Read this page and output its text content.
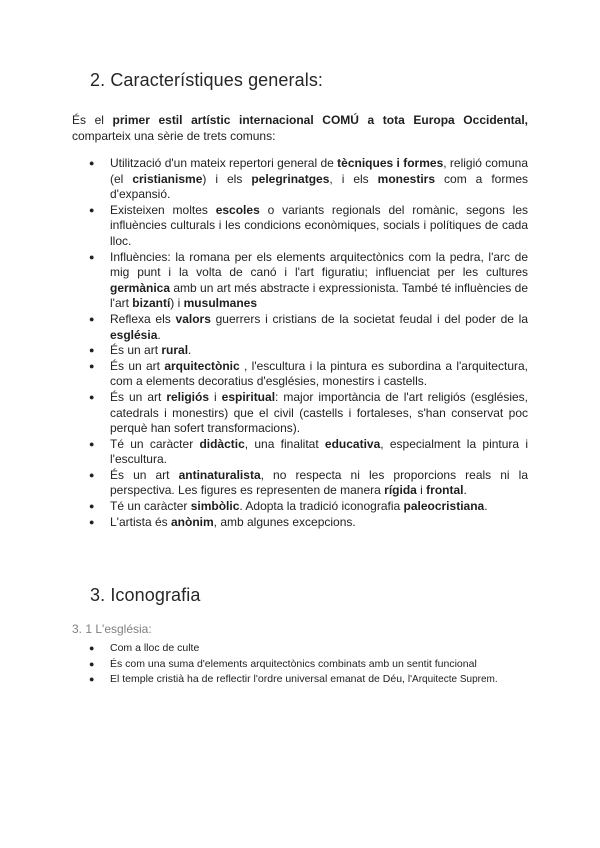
2. Característiques generals:

És el primer estil artístic internacional COMÚ a tota Europa Occidental, comparteix una sèrie de trets comuns:

● Utilització d'un mateix repertori general de tècniques i formes, religió comuna (el cristianisme) i els pelegrinatges, i els monestirs com a formes d'expansió.
● Existeixen moltes escoles o variants regionals del romànic, segons les influències culturals i les condicions econòmiques, socials i polítiques de cada lloc.
● Influències: la romana per els elements arquitectònics com la pedra, l'arc de mig punt i la volta de canó i l'art figuratiu; influenciat per les cultures germànica amb un art més abstracte i expressionista. També té influències de l'art bizantí) i musulmanes
● Reflexa els valors guerrers i cristians de la societat feudal i del poder de la església.
● És un art rural.
● És un art arquitectònic , l'escultura i la pintura es subordina a l'arquitectura, com a elements decoratius d'esglésies, monestirs i castells.
● És un art religiós i espiritual: major importància de l'art religiós (esglésies, catedrals i monestirs) que el civil (castells i fortaleses, s'han conservat poc perquè han sofert transformacions).
● Té un caràcter didàctic, una finalitat educativa, especialment la pintura i l'escultura.
● És un art antinaturalista, no respecta ni les proporcions reals ni la perspectiva. Les figures es representen de manera rígida i frontal.
● Té un caràcter simbòlic. Adopta la tradició iconografia paleocristiana.
● L'artista és anònim, amb algunes excepcions.
3. Iconografia

3. 1 L'església:

● Com a lloc de culte
● És com una suma d'elements arquitectònics combinats amb un sentit funcional
● El temple cristià ha de reflectir l'ordre universal emanat de Déu, l'Arquitecte Suprem.
